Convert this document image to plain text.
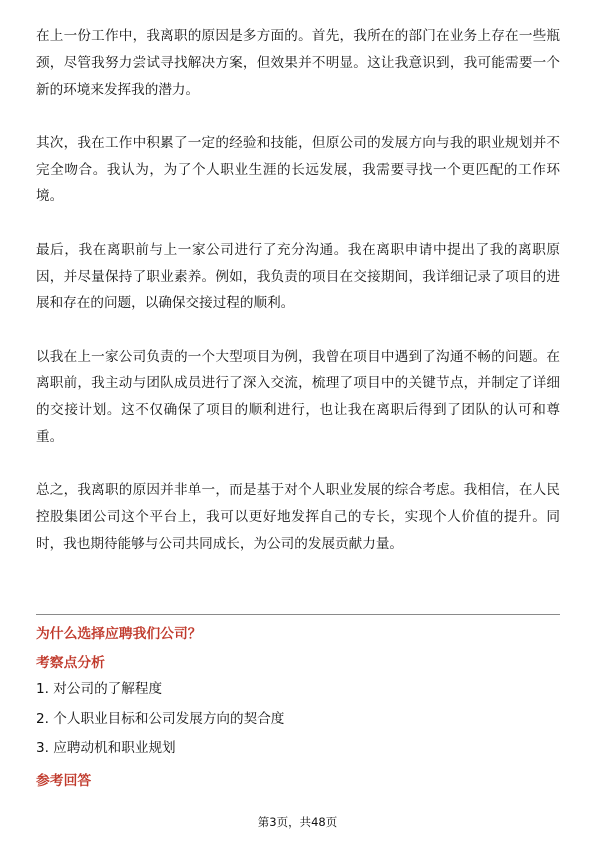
在上一份工作中，我离职的原因是多方面的。首先，我所在的部门在业务上存在一些瓶颈，尽管我努力尝试寻找解决方案，但效果并不明显。这让我意识到，我可能需要一个新的环境来发挥我的潜力。

其次，我在工作中积累了一定的经验和技能，但原公司的发展方向与我的职业规划并不完全吻合。我认为，为了个人职业生涯的长远发展，我需要寻找一个更匹配的工作环境。

最后，我在离职前与上一家公司进行了充分沟通。我在离职申请中提出了我的离职原因，并尽量保持了职业素养。例如，我负责的项目在交接期间，我详细记录了项目的进展和存在的问题，以确保交接过程的顺利。

以我在上一家公司负责的一个大型项目为例，我曾在项目中遇到了沟通不畅的问题。在离职前，我主动与团队成员进行了深入交流，梳理了项目中的关键节点，并制定了详细的交接计划。这不仅确保了项目的顺利进行，也让我在离职后得到了团队的认可和尊重。

总之，我离职的原因并非单一，而是基于对个人职业发展的综合考虑。我相信，在人民控股集团公司这个平台上，我可以更好地发挥自己的专长，实现个人价值的提升。同时，我也期待能够与公司共同成长，为公司的发展贡献力量。

为什么选择应聘我们公司？

考察点分析

1. 对公司的了解程度
2. 个人职业目标和公司发展方向的契合度
3. 应聘动机和职业规划

参考回答

第3页，共48页
